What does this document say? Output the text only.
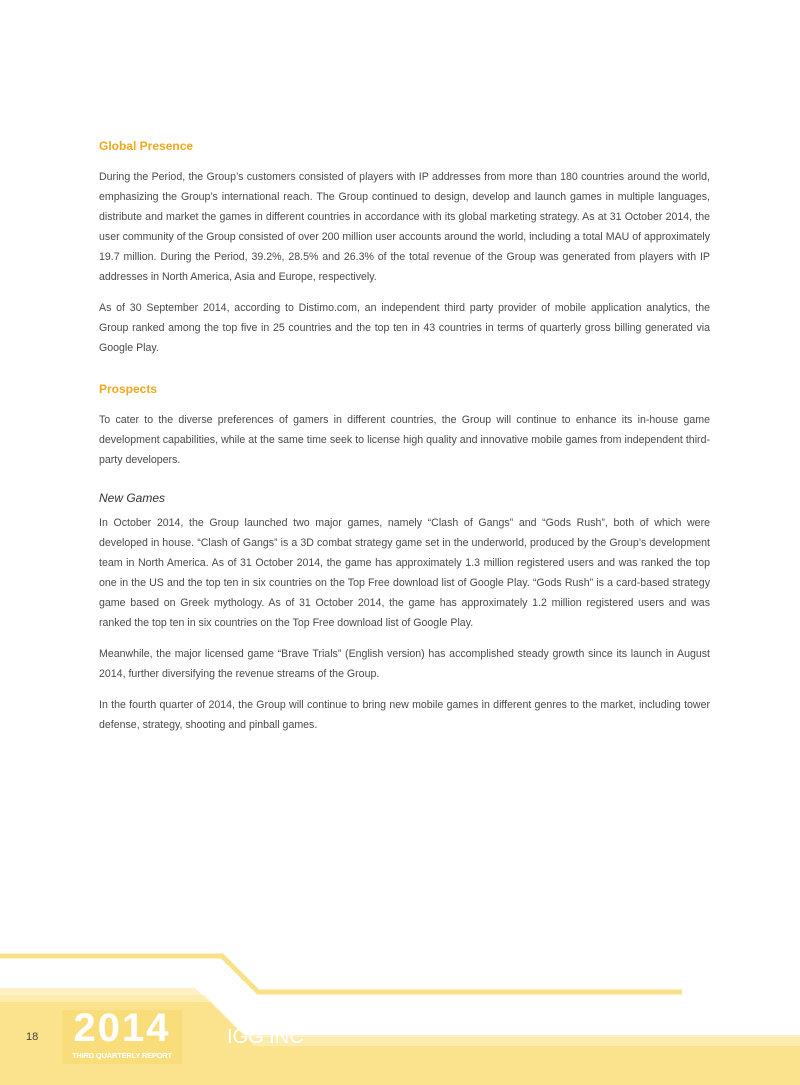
Global Presence

During the Period, the Group’s customers consisted of players with IP addresses from more than 180 countries around the world, emphasizing the Group’s international reach. The Group continued to design, develop and launch games in multiple languages, distribute and market the games in different countries in accordance with its global marketing strategy. As at 31 October 2014, the user community of the Group consisted of over 200 million user accounts around the world, including a total MAU of approximately 19.7 million. During the Period, 39.2%, 28.5% and 26.3% of the total revenue of the Group was generated from players with IP addresses in North America, Asia and Europe, respectively.

As of 30 September 2014, according to Distimo.com, an independent third party provider of mobile application analytics, the Group ranked among the top five in 25 countries and the top ten in 43 countries in terms of quarterly gross billing generated via Google Play.

Prospects

To cater to the diverse preferences of gamers in different countries, the Group will continue to enhance its in-house game development capabilities, while at the same time seek to license high quality and innovative mobile games from independent third-party developers.

New Games

In October 2014, the Group launched two major games, namely “Clash of Gangs” and “Gods Rush”, both of which were developed in house. “Clash of Gangs” is a 3D combat strategy game set in the underworld, produced by the Group’s development team in North America. As of 31 October 2014, the game has approximately 1.3 million registered users and was ranked the top one in the US and the top ten in six countries on the Top Free download list of Google Play. “Gods Rush” is a card-based strategy game based on Greek mythology. As of 31 October 2014, the game has approximately 1.2 million registered users and was ranked the top ten in six countries on the Top Free download list of Google Play.

Meanwhile, the major licensed game “Brave Trials” (English version) has accomplished steady growth since its launch in August 2014, further diversifying the revenue streams of the Group.

In the fourth quarter of 2014, the Group will continue to bring new mobile games in different genres to the market, including tower defense, strategy, shooting and pinball games.

18 2014
THIRD QUARTERLY REPORT
IGG INC
